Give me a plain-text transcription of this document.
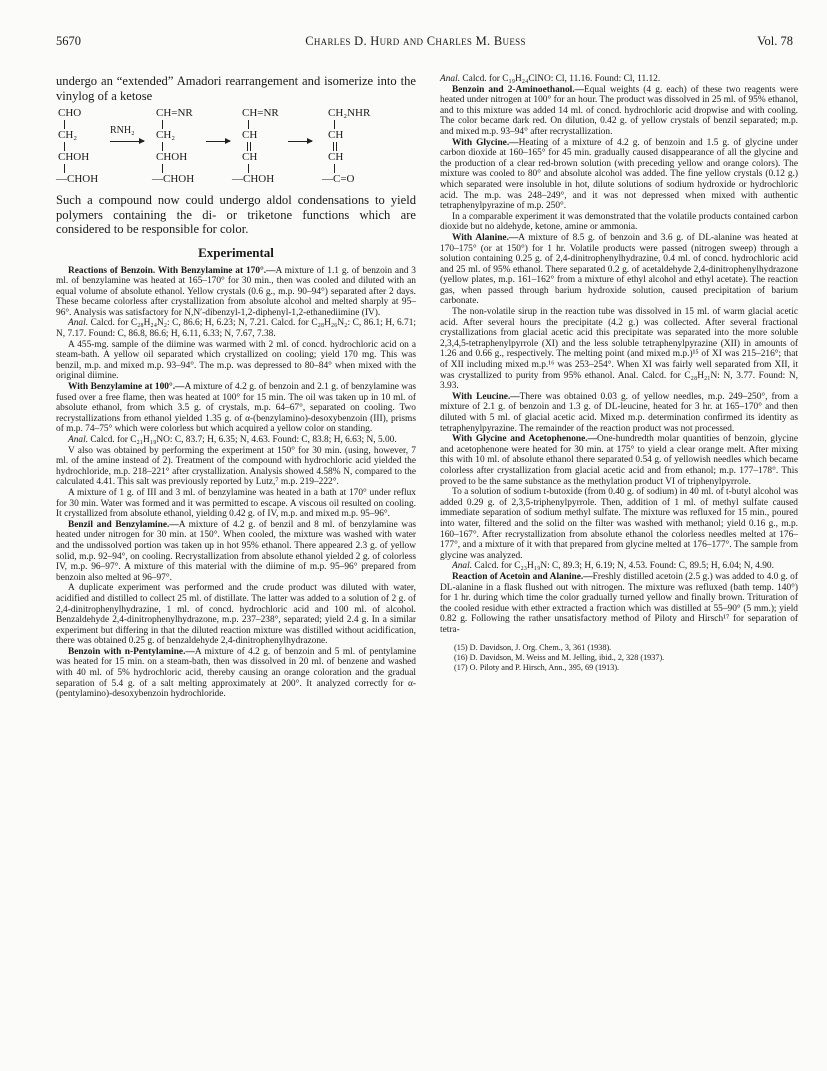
5670	Charles D. Hurd and Charles M. Buess	Vol. 78

undergo an “extended” Amadori rearrangement and isomerize into the vinylog of a ketose

CHO
CH₂
CHOH
—CHOH
RNH₂
CH=NR
CH₂
CHOH
—CHOH
CH=NR
CH
CH
—CHOH
CH₂NHR
CH
CH
—C=O

Such a compound now could undergo aldol condensations to yield polymers containing the di- or triketone functions which are considered to be responsible for color.

Experimental

Reactions of Benzoin. With Benzylamine at 170°.—A mixture of 1.1 g. of benzoin and 3 ml. of benzylamine was heated at 165–170° for 30 min., then was cooled and diluted with an equal volume of absolute ethanol. Yellow crystals (0.6 g., m.p. 90–94°) separated after 2 days. These became colorless after crystallization from absolute alcohol and melted sharply at 95–96°. Analysis was satisfactory for N,N′-dibenzyl-1,2-diphenyl-1,2-ethanediimine (IV).

Anal. Calcd. for C₂₈H₂₄N₂: C, 86.6; H, 6.23; N, 7.21. Calcd. for C₂₈H₂₆N₂: C, 86.1; H, 6.71; N, 7.17. Found: C, 86.8, 86.6; H, 6.11, 6.33; N, 7.67, 7.38.

A 455-mg. sample of the diimine was warmed with 2 ml. of concd. hydrochloric acid on a steam-bath. A yellow oil separated which crystallized on cooling; yield 170 mg. This was benzil, m.p. and mixed m.p. 93–94°. The m.p. was depressed to 80–84° when mixed with the original diimine.

With Benzylamine at 100°.—A mixture of 4.2 g. of benzoin and 2.1 g. of benzylamine was fused over a free flame, then was heated at 100° for 15 min. The oil was taken up in 10 ml. of absolute ethanol, from which 3.5 g. of crystals, m.p. 64–67°, separated on cooling. Two recrystallizations from ethanol yielded 1.35 g. of α-(benzylamino)-desoxybenzoin (III), prisms of m.p. 74–75° which were colorless but which acquired a yellow color on standing.

Anal. Calcd. for C₂₁H₁₉NO: C, 83.7; H, 6.35; N, 4.63. Found: C, 83.8; H, 6.63; N, 5.00.

V also was obtained by performing the experiment at 150° for 30 min. (using, however, 7 ml. of the amine instead of 2). Treatment of the compound with hydrochloric acid yielded the hydrochloride, m.p. 218–221° after crystallization. Analysis showed 4.58% N, compared to the calculated 4.41. This salt was previously reported by Lutz,⁷ m.p. 219–222°.

A mixture of 1 g. of III and 3 ml. of benzylamine was heated in a bath at 170° under reflux for 30 min. Water was formed and it was permitted to escape. A viscous oil resulted on cooling. It crystallized from absolute ethanol, yielding 0.42 g. of IV, m.p. and mixed m.p. 95–96°.

Benzil and Benzylamine.—A mixture of 4.2 g. of benzil and 8 ml. of benzylamine was heated under nitrogen for 30 min. at 150°. When cooled, the mixture was washed with water and the undissolved portion was taken up in hot 95% ethanol. There appeared 2.3 g. of yellow solid, m.p. 92–94°, on cooling. Recrystallization from absolute ethanol yielded 2 g. of colorless IV, m.p. 96–97°. A mixture of this material with the diimine of m.p. 95–96° prepared from benzoin also melted at 96–97°.

A duplicate experiment was performed and the crude product was diluted with water, acidified and distilled to collect 25 ml. of distillate. The latter was added to a solution of 2 g. of 2,4-dinitrophenylhydrazine, 1 ml. of concd. hydrochloric acid and 100 ml. of alcohol. Benzaldehyde 2,4-dinitrophenylhydrazone, m.p. 237–238°, separated; yield 2.4 g. In a similar experiment but differing in that the diluted reaction mixture was distilled without acidification, there was obtained 0.25 g. of benzaldehyde 2,4-dinitrophenylhydrazone.

Benzoin with n-Pentylamine.—A mixture of 4.2 g. of benzoin and 5 ml. of pentylamine was heated for 15 min. on a steam-bath, then was dissolved in 20 ml. of benzene and washed with 40 ml. of 5% hydrochloric acid, thereby causing an orange coloration and the gradual separation of 5.4 g. of a salt melting approximately at 200°. It analyzed correctly for α-(pentylamino)-desoxybenzoin hydrochloride.

Anal. Calcd. for C₁₉H₂₄ClNO: Cl, 11.16. Found: Cl, 11.12.

Benzoin and 2-Aminoethanol.—Equal weights (4 g. each) of these two reagents were heated under nitrogen at 100° for an hour. The product was dissolved in 25 ml. of 95% ethanol, and to this mixture was added 14 ml. of concd. hydrochloric acid dropwise and with cooling. The color became dark red. On dilution, 0.42 g. of yellow crystals of benzil separated; m.p. and mixed m.p. 93–94° after recrystallization.

With Glycine.—Heating of a mixture of 4.2 g. of benzoin and 1.5 g. of glycine under carbon dioxide at 160–165° for 45 min. gradually caused disappearance of all the glycine and the production of a clear red-brown solution (with preceding yellow and orange colors). The mixture was cooled to 80° and absolute alcohol was added. The fine yellow crystals (0.12 g.) which separated were insoluble in hot, dilute solutions of sodium hydroxide or hydrochloric acid. The m.p. was 248–249°, and it was not depressed when mixed with authentic tetraphenylpyrazine of m.p. 250°.

In a comparable experiment it was demonstrated that the volatile products contained carbon dioxide but no aldehyde, ketone, amine or ammonia.

With Alanine.—A mixture of 8.5 g. of benzoin and 3.6 g. of DL-alanine was heated at 170–175° (or at 150°) for 1 hr. Volatile products were passed (nitrogen sweep) through a solution containing 0.25 g. of 2,4-dinitrophenylhydrazine, 0.4 ml. of concd. hydrochloric acid and 25 ml. of 95% ethanol. There separated 0.2 g. of acetaldehyde 2,4-dinitrophenylhydrazone (yellow plates, m.p. 161–162° from a mixture of ethyl alcohol and ethyl acetate). The reaction gas, when passed through barium hydroxide solution, caused precipitation of barium carbonate.

The non-volatile sirup in the reaction tube was dissolved in 15 ml. of warm glacial acetic acid. After several hours the precipitate (4.2 g.) was collected. After several fractional crystallizations from glacial acetic acid this precipitate was separated into the more soluble 2,3,4,5-tetraphenylpyrrole (XI) and the less soluble tetraphenylpyrazine (XII) in amounts of 1.26 and 0.66 g., respectively. The melting point (and mixed m.p.)¹⁵ of XI was 215–216°; that of XII including mixed m.p.¹⁶ was 253–254°. When XI was fairly well separated from XII, it was crystallized to purity from 95% ethanol. Anal. Calcd. for C₂₈H₂₁N: N, 3.77. Found: N, 3.93.

With Leucine.—There was obtained 0.03 g. of yellow needles, m.p. 249–250°, from a mixture of 2.1 g. of benzoin and 1.3 g. of DL-leucine, heated for 3 hr. at 165–170° and then diluted with 5 ml. of glacial acetic acid. Mixed m.p. determination confirmed its identity as tetraphenylpyrazine. The remainder of the reaction product was not processed.

With Glycine and Acetophenone.—One-hundredth molar quantities of benzoin, glycine and acetophenone were heated for 30 min. at 175° to yield a clear orange melt. After mixing this with 10 ml. of absolute ethanol there separated 0.54 g. of yellowish needles which became colorless after crystallization from glacial acetic acid and from ethanol; m.p. 177–178°. This proved to be the same substance as the methylation product VI of triphenylpyrrole.

To a solution of sodium t-butoxide (from 0.40 g. of sodium) in 40 ml. of t-butyl alcohol was added 0.29 g. of 2,3,5-triphenylpyrrole. Then, addition of 1 ml. of methyl sulfate caused immediate separation of sodium methyl sulfate. The mixture was refluxed for 15 min., poured into water, filtered and the solid on the filter was washed with methanol; yield 0.16 g., m.p. 160–167°. After recrystallization from absolute ethanol the colorless needles melted at 176–177°, and a mixture of it with that prepared from glycine melted at 176–177°. The sample from glycine was analyzed.

Anal. Calcd. for C₂₃H₁₉N: C, 89.3; H, 6.19; N, 4.53. Found: C, 89.5; H, 6.04; N, 4.90.

Reaction of Acetoin and Alanine.—Freshly distilled acetoin (2.5 g.) was added to 4.0 g. of DL-alanine in a flask flushed out with nitrogen. The mixture was refluxed (bath temp. 140°) for 1 hr. during which time the color gradually turned yellow and finally brown. Trituration of the cooled residue with ether extracted a fraction which was distilled at 55–90° (5 mm.); yield 0.82 g. Following the rather unsatisfactory method of Piloty and Hirsch¹⁷ for separation of tetra-

(15) D. Davidson, J. Org. Chem., 3, 361 (1938).
(16) D. Davidson, M. Weiss and M. Jelling, ibid., 2, 328 (1937).
(17) O. Piloty and P. Hirsch, Ann., 395, 69 (1913).
